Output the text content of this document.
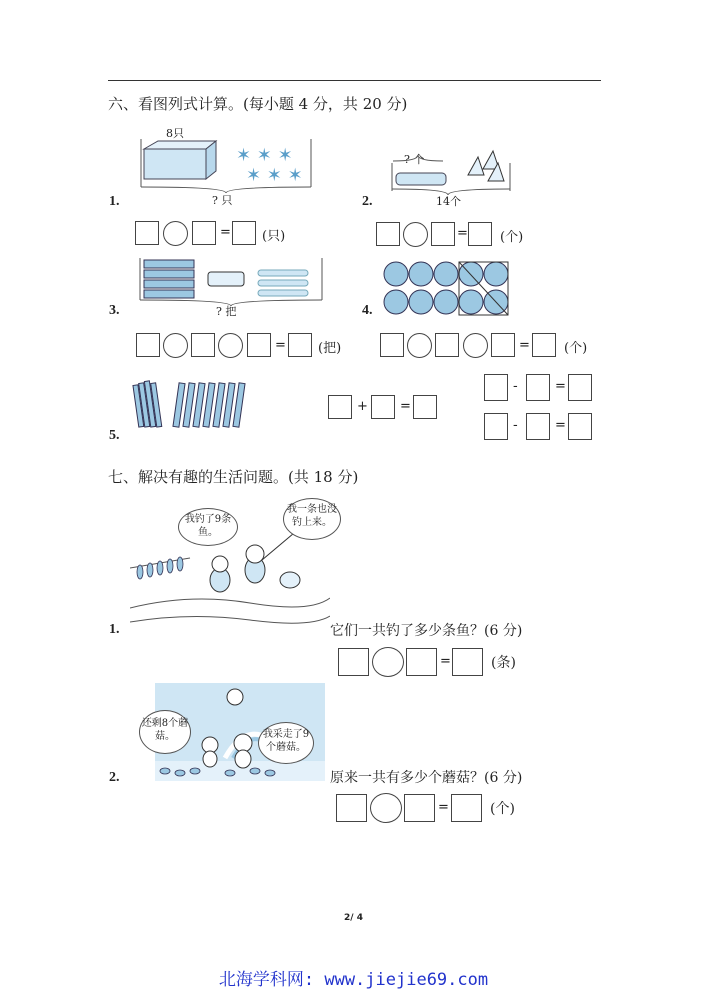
六、看图列式计算。(每小题 4 分，共 20 分)
8只
✶ ✶ ✶
✶ ✶ ✶
? 只
1.
? 个
14个
2.
= (只)	= (个)
? 把
3.	4.
= (把)	=	(个)
5.
+ =
-	=
-	=
七、解决有趣的生活问题。(共 18 分)
我钓了9条鱼。
我一条也没钓上来。
1.	它们一共钓了多少条鱼？(6 分)
=	(条)
还剩8个蘑菇。	我采走了9个蘑菇。
2.	原来一共有多少个蘑菇？(6 分)
=	(个)
2/ 4
北海学科网: www.jiejie69.com
